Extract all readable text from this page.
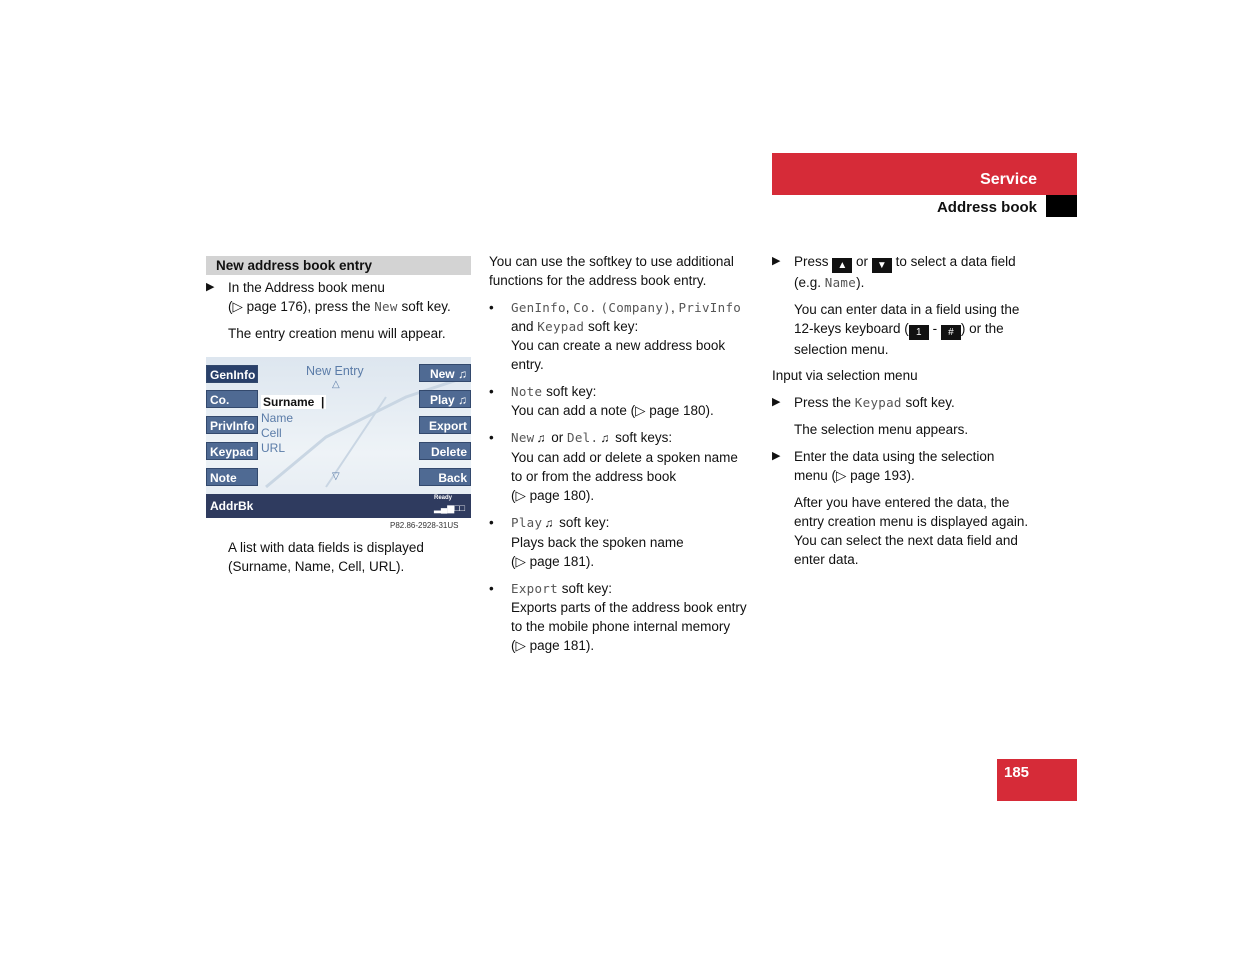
Service
Address book
New address book entry
▶ In the Address book menu
(▷ page 176), press the New soft key.

The entry creation menu will appear.

GenInfo
Co.
PrivInfo
Keypad
Note
New ♫
Play ♫
Export
Delete
Back
New Entry
△
Surname  |
Name
Cell
URL
▽
AddrBk
Ready
▂▄▆□□
P82.86-2928-31US
A list with data fields is displayed
(Surname, Name, Cell, URL).

You can use the softkey to use additional
functions for the address book entry.

• GenInfo, Co. (Company), PrivInfo
and Keypad soft key:
You can create a new address book
entry.
• Note soft key:
You can add a note (▷ page 180).
• New ♫ or Del. ♫ soft keys:
You can add or delete a spoken name
to or from the address book
(▷ page 180).
• Play ♫ soft key:
Plays back the spoken name
(▷ page 181).
• Export soft key:
Exports parts of the address book entry
to the mobile phone internal memory
(▷ page 181).
▶ Press ▲ or ▼ to select a data field
(e.g. Name).
You can enter data in a field using the
12-keys keyboard ( 1 - # ) or the
selection menu.
Input via selection menu
▶ Press the Keypad soft key.
The selection menu appears.
▶ Enter the data using the selection
menu (▷ page 193).
After you have entered the data, the
entry creation menu is displayed again.
You can select the next data field and
enter data.
185
